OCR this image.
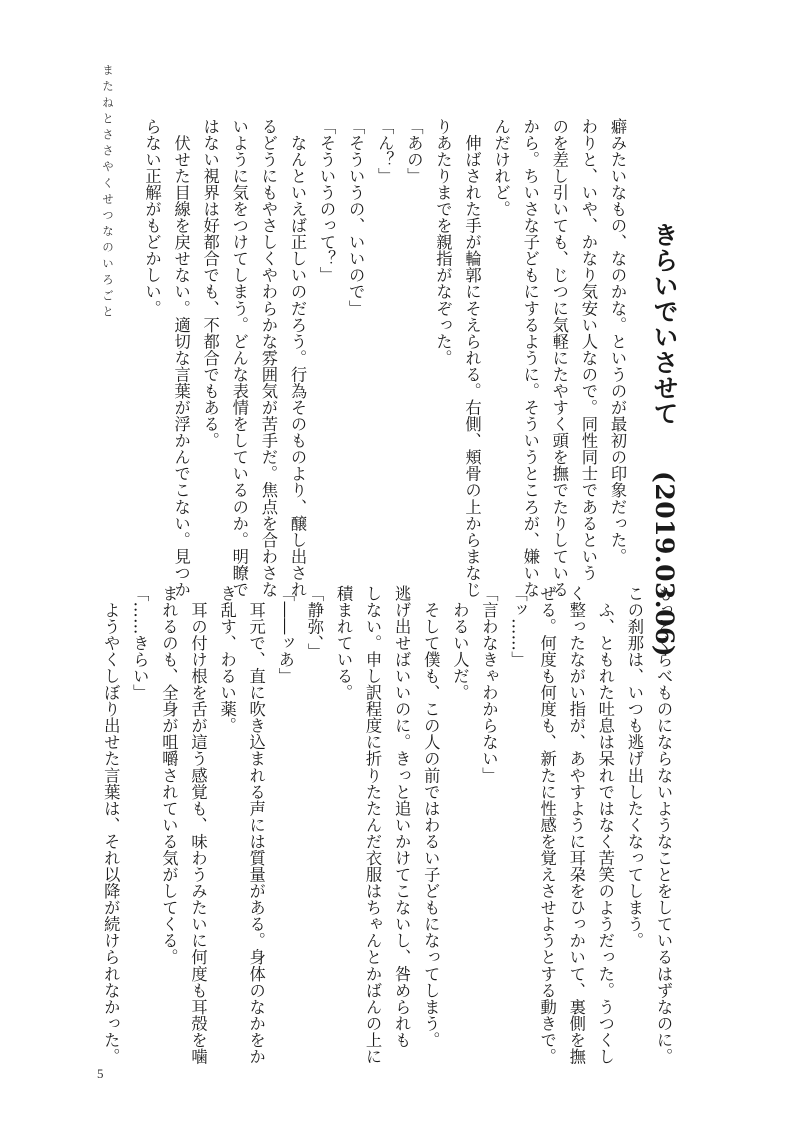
またねとささやくせつなのいろごと
きらいでいさせて(2019.03.06)
癖みたいなもの、なのかな。というのが最初の印象だった。
わりと、いや、かなり気安い人なので。同性同士であるという
のを差し引いても、じつに気軽にたやすく頭を撫でたりしている
から。ちいさな子どもにするように。そういうところが、嫌いな
んだけれど。
　伸ばされた手が輪郭にそえられる。右側、頬骨の上からまなじ
りあたりまでを親指がなぞった。
「あの」
「ん？」
「そういうの、いいので」
「そういうのって？」
　なんといえば正しいのだろう。行為そのものより、醸し出され
るどうにもやさしくやわらかな雰囲気が苦手だ。焦点を合わさな
いように気をつけてしまう。どんな表情をしているのか。明瞭で
はない視界は好都合でも、不都合でもある。
　伏せた目線を戻せない。適切な言葉が浮かんでこない。見つか
らない正解がもどかしい。
もっとくらべものにならないようなことをしているはずなのに。
この刹那は、いつも逃げ出したくなってしまう。
　ふ、ともれた吐息は呆れではなく苦笑のようだった。うつくし
く整ったながい指が、あやすように耳朶をひっかいて、裏側を撫
ぜる。何度も何度も、新たに性感を覚えさせようとする動きで。
「ッ……」
「言わなきゃわからない」
　わるい人だ。
　そして僕も、この人の前ではわるい子どもになってしまう。
逃げ出せばいいのに。きっと追いかけてこないし、咎められも
しない。申し訳程度に折りたたんだ衣服はちゃんとかばんの上に
積まれている。
「静弥、」
「――ッあ」
　耳元で、直に吹き込まれる声には質量がある。身体のなかをか
き乱す、わるい薬。
　耳の付け根を舌が這う感覚も、味わうみたいに何度も耳殻を噛
まれるのも、全身が咀嚼されている気がしてくる。
「……きらい」
　ようやくしぼり出せた言葉は、それ以降が続けられなかった。
5
